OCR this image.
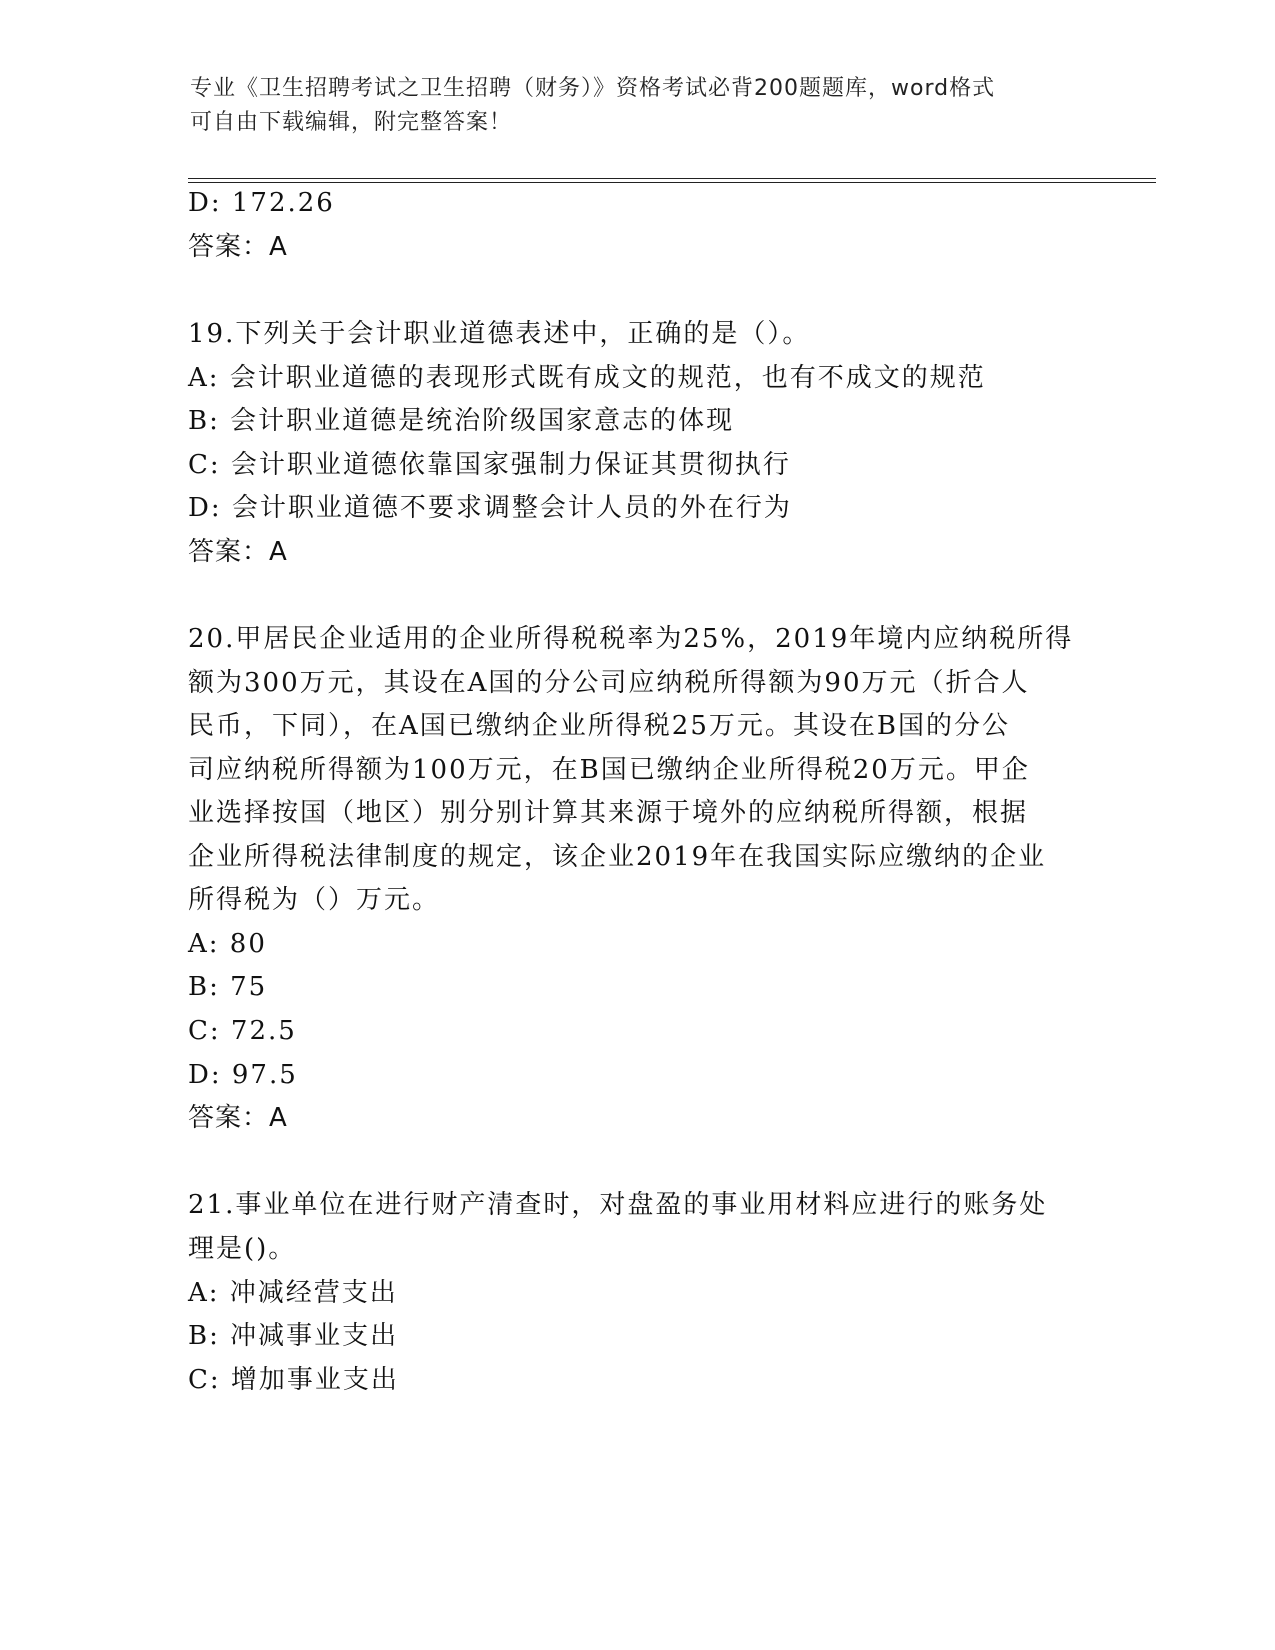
专业《卫生招聘考试之卫生招聘（财务）》资格考试必背200题题库，word格式
可自由下载编辑，附完整答案！
D: 172.26
答案：A
19.下列关于会计职业道德表述中，正确的是（）。
A: 会计职业道德的表现形式既有成文的规范，也有不成文的规范
B: 会计职业道德是统治阶级国家意志的体现
C: 会计职业道德依靠国家强制力保证其贯彻执行
D: 会计职业道德不要求调整会计人员的外在行为
答案：A
20.甲居民企业适用的企业所得税税率为25%，2019年境内应纳税所得
额为300万元，其设在A国的分公司应纳税所得额为90万元（折合人
民币，下同），在A国已缴纳企业所得税25万元。其设在B国的分公
司应纳税所得额为100万元，在B国已缴纳企业所得税20万元。甲企
业选择按国（地区）别分别计算其来源于境外的应纳税所得额，根据
企业所得税法律制度的规定，该企业2019年在我国实际应缴纳的企业
所得税为（）万元。
A: 80
B: 75
C: 72.5
D: 97.5
答案：A
21.事业单位在进行财产清查时，对盘盈的事业用材料应进行的账务处
理是()。
A: 冲减经营支出
B: 冲减事业支出
C: 增加事业支出
